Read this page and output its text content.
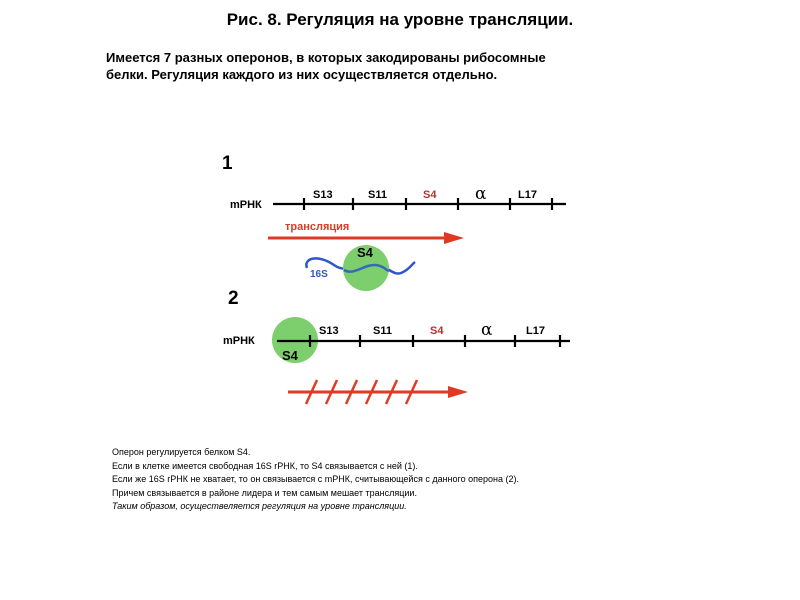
Рис. 8. Регуляция на уровне трансляции.
Имеется 7 разных оперонов, в которых закодированы рибосомные
белки. Регуляция каждого из них осуществляется отдельно.
1
mРНК
S13	S11	S4 α	L17
трансляция
S4
16S
2
mРНК
S13	S11	S4 α	L17
S4
Оперон регулируется белком S4.
Если в клетке имеется свободная 16S rРНК, то S4 связывается с ней (1).
Если же 16S rРНК не хватает, то он связывается с mРНК, считывающейся с данного оперона (2).
Причем связывается в районе лидера и тем самым мешает трансляции.
Таким образом, осуществеляется регуляция на уровне трансляции.
